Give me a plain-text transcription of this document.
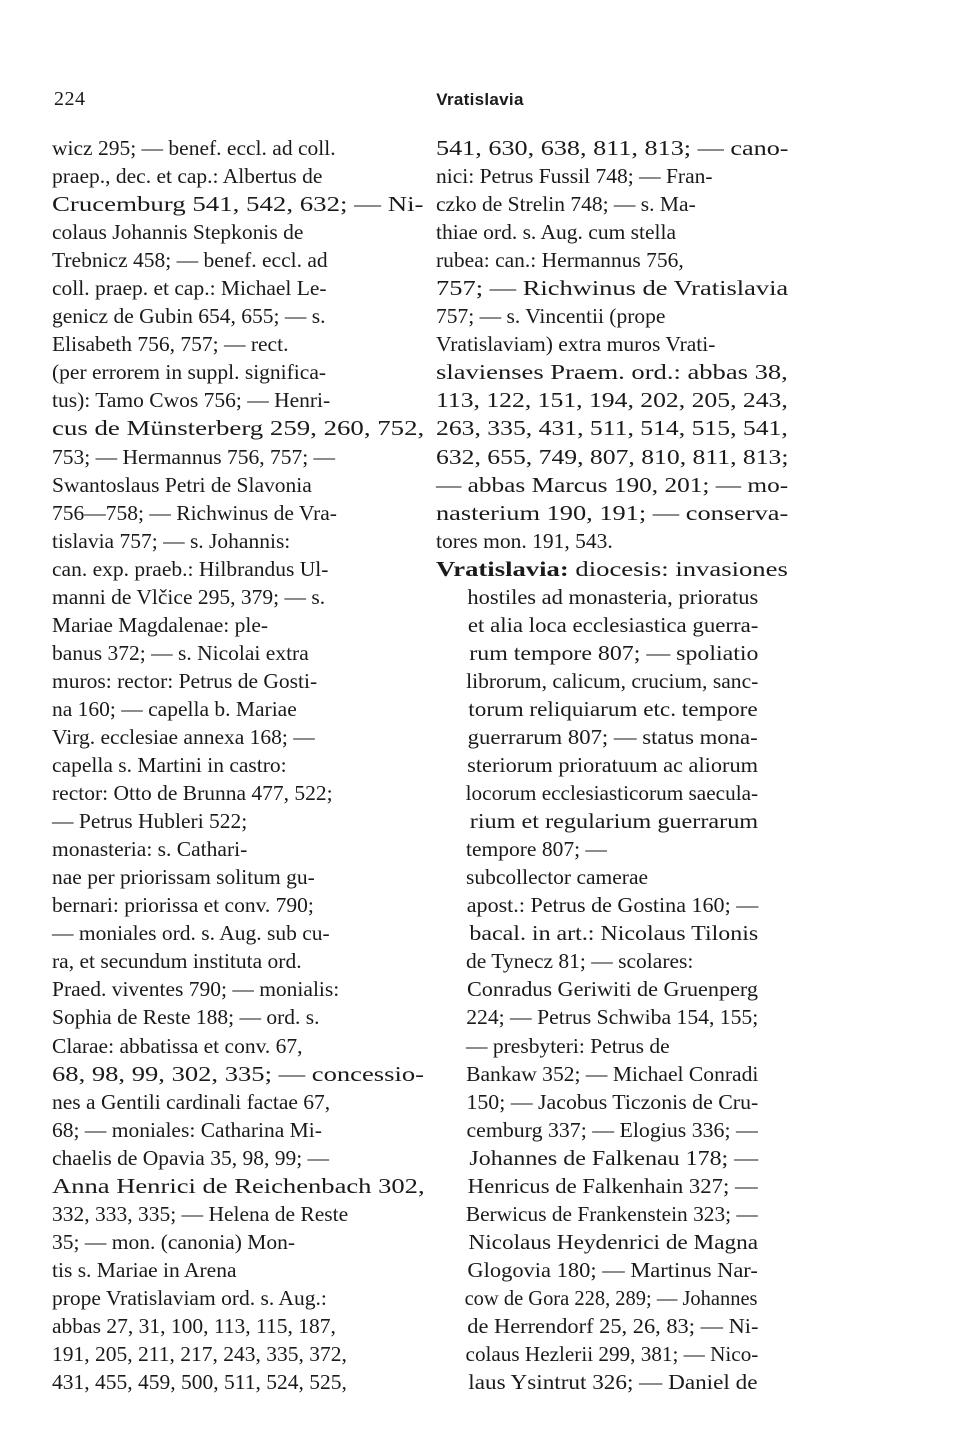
224	Vratislavia
wicz 295; — benef. eccl. ad coll.
praep., dec. et cap.: Albertus de
Crucemburg 541, 542, 632; — Ni-
colaus Johannis Stepkonis de
Trebnicz 458; — benef. eccl. ad
coll. praep. et cap.: Michael Le-
genicz de Gubin 654, 655; — s.
Elisabeth 756, 757; — rect.
(per errorem in suppl. significa-
tus): Tamo Cwos 756; — Henri-
cus de Münsterberg 259, 260, 752,
753; — Hermannus 756, 757; —
Swantoslaus Petri de Slavonia
756—758; — Richwinus de Vra-
tislavia 757; — s. Johannis:
can. exp. praeb.: Hilbrandus Ul-
manni de Vlčice 295, 379; — s.
Mariae Magdalenae: ple-
banus 372; — s. Nicolai extra
muros: rector: Petrus de Gosti-
na 160; — capella b. Mariae
Virg. ecclesiae annexa 168; —
capella s. Martini in castro:
rector: Otto de Brunna 477, 522;
— Petrus Hubleri 522;
monasteria: s. Cathari-
nae per priorissam solitum gu-
bernari: priorissa et conv. 790;
— moniales ord. s. Aug. sub cu-
ra, et secundum instituta ord.
Praed. viventes 790; — monialis:
Sophia de Reste 188; — ord. s.
Clarae: abbatissa et conv. 67,
68, 98, 99, 302, 335; — concessio-
nes a Gentili cardinali factae 67,
68; — moniales: Catharina Mi-
chaelis de Opavia 35, 98, 99; —
Anna Henrici de Reichenbach 302,
332, 333, 335; — Helena de Reste
35; — mon. (canonia) Mon-
tis s. Mariae in Arena
prope Vratislaviam ord. s. Aug.:
abbas 27, 31, 100, 113, 115, 187,
191, 205, 211, 217, 243, 335, 372,
431, 455, 459, 500, 511, 524, 525,
541, 630, 638, 811, 813; — cano-
nici: Petrus Fussil 748; — Fran-
czko de Strelin 748; — s. Ma-
thiae ord. s. Aug. cum stella
rubea: can.: Hermannus 756,
757; — Richwinus de Vratislavia
757; — s. Vincentii (prope
Vratislaviam) extra muros Vrati-
slavienses Praem. ord.: abbas 38,
113, 122, 151, 194, 202, 205, 243,
263, 335, 431, 511, 514, 515, 541,
632, 655, 749, 807, 810, 811, 813;
— abbas Marcus 190, 201; — mo-
nasterium 190, 191; — conserva-
tores mon. 191, 543.
Vratislavia: diocesis: invasiones
hostiles ad monasteria, prioratus
et alia loca ecclesiastica guerra-
rum tempore 807; — spoliatio
librorum, calicum, crucium, sanc-
torum reliquiarum etc. tempore
guerrarum 807; — status mona-
steriorum prioratuum ac aliorum
locorum ecclesiasticorum saecula-
rium et regularium guerrarum
tempore 807; —
subcollector camerae
apost.: Petrus de Gostina 160; —
bacal. in art.: Nicolaus Tilonis
de Tynecz 81; — scolares:
Conradus Geriwiti de Gruenperg
224; — Petrus Schwiba 154, 155;
— presbyteri: Petrus de
Bankaw 352; — Michael Conradi
150; — Jacobus Ticzonis de Cru-
cemburg 337; — Elogius 336; —
Johannes de Falkenau 178; —
Henricus de Falkenhain 327; —
Berwicus de Frankenstein 323; —
Nicolaus Heydenrici de Magna
Glogovia 180; — Martinus Nar-
cow de Gora 228, 289; — Johannes
de Herrendorf 25, 26, 83; — Ni-
colaus Hezlerii 299, 381; — Nico-
laus Ysintrut 326; — Daniel de
